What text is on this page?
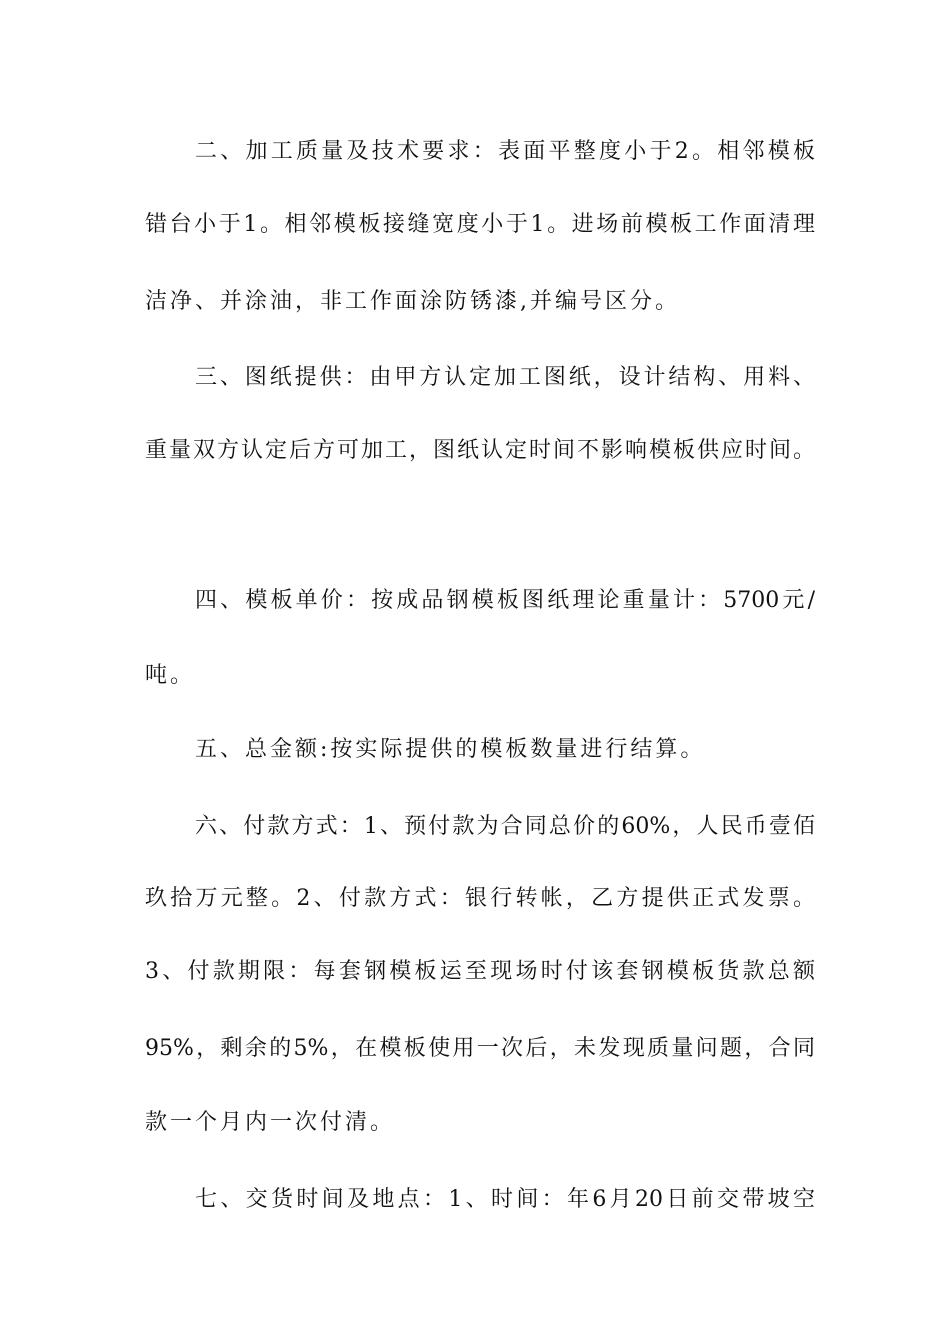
二、加工质量及技术要求：表面平整度小于2。相邻模板
错台小于1。相邻模板接缝宽度小于1。进场前模板工作面清理
洁净、并涂油，非工作面涂防锈漆,并编号区分。
三、图纸提供：由甲方认定加工图纸，设计结构、用料、
重量双方认定后方可加工，图纸认定时间不影响模板供应时间。
四、模板单价：按成品钢模板图纸理论重量计：5700元/
吨。
五、总金额:按实际提供的模板数量进行结算。
六、付款方式：1、预付款为合同总价的60%，人民币壹佰
玖拾万元整。2、付款方式：银行转帐，乙方提供正式发票。
3、付款期限：每套钢模板运至现场时付该套钢模板货款总额
95%，剩余的5%，在模板使用一次后，未发现质量问题，合同
款一个月内一次付清。
七、交货时间及地点：1、时间：年6月20日前交带坡空
